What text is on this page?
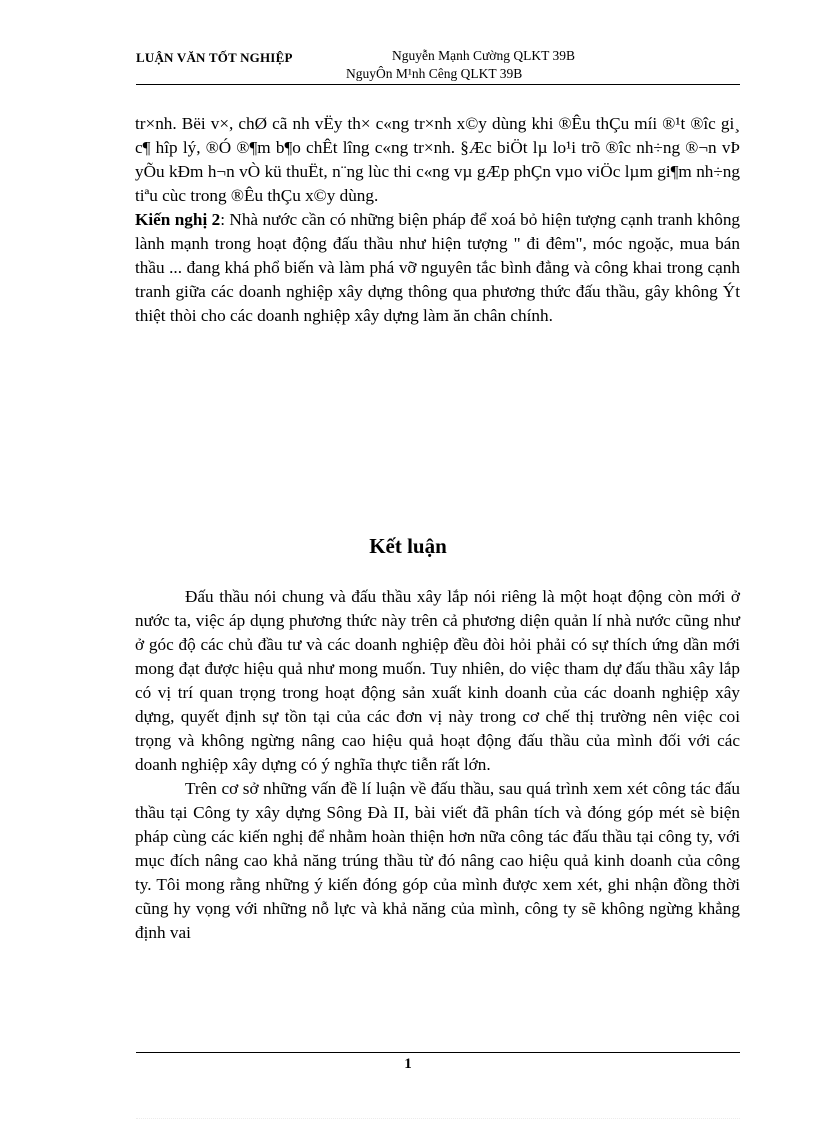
LUẬN VĂN TỐT NGHIỆP	Nguyễn Mạnh Cường QLKT 39B
NguyÔn M¹nh Cêng QLKT 39B

tr×nh. Bëi v×, chØ cã nh vËy th× c«ng tr×nh x©y dùng khi ®Êu thÇu míi ®¹t ®îc gi¸ c¶ hîp lý, ®Ó ®¶m b¶o chÊt lîng c«ng tr×nh. §Æc biÖt lµ lo¹i trõ ®îc nh÷ng ®¬n vÞ yÕu kÐm h¬n vÒ kü thuËt, n¨ng lùc thi c«ng vµ gÆp phÇn vµo viÖc lµm gi¶m nh÷ng tiªu cùc trong ®Êu thÇu x©y dùng.

Kiến nghị 2: Nhà nước cần có những biện pháp để xoá bỏ hiện tượng cạnh tranh không lành mạnh trong hoạt động đấu thầu như hiện tượng " đi đêm", móc ngoặc, mua bán thầu ... đang khá phổ biến và làm phá vỡ nguyên tắc bình đẳng và công khai trong cạnh tranh giữa các doanh nghiệp xây dựng thông qua phương thức đấu thầu, gây không Ýt thiệt thòi cho các doanh nghiệp xây dựng làm ăn chân chính.

Kết luận

Đấu thầu nói chung và đấu thầu xây lắp nói riêng là một hoạt động còn mới ở nước ta, việc áp dụng phương thức này trên cả phương diện quản lí nhà nước cũng như ở góc độ các chủ đầu tư và các doanh nghiệp đều đòi hỏi phải có sự thích ứng dần mới mong đạt được hiệu quả như mong muốn. Tuy nhiên, do việc tham dự đấu thầu xây lắp có vị trí quan trọng trong hoạt động sản xuất kinh doanh của các doanh nghiệp xây dựng, quyết định sự tồn tại của các đơn vị này trong cơ chế thị trường nên việc coi trọng và không ngừng nâng cao hiệu quả hoạt động đấu thầu của mình đối với các doanh nghiệp xây dựng có ý nghĩa thực tiễn rất lớn.

Trên cơ sở những vấn đề lí luận về đấu thầu, sau quá trình xem xét công tác đấu thầu tại Công ty xây dựng Sông Đà II, bài viết đã phân tích và đóng góp mét sè biện pháp cùng các kiến nghị để nhằm hoàn thiện hơn nữa công tác đấu thầu tại công ty, với mục đích nâng cao khả năng trúng thầu từ đó nâng cao hiệu quả kinh doanh của công ty. Tôi mong rằng những ý kiến đóng góp của mình được xem xét, ghi nhận đồng thời cũng hy vọng với những nỗ lực và khả năng của mình, công ty sẽ không ngừng khẳng định vai

1
